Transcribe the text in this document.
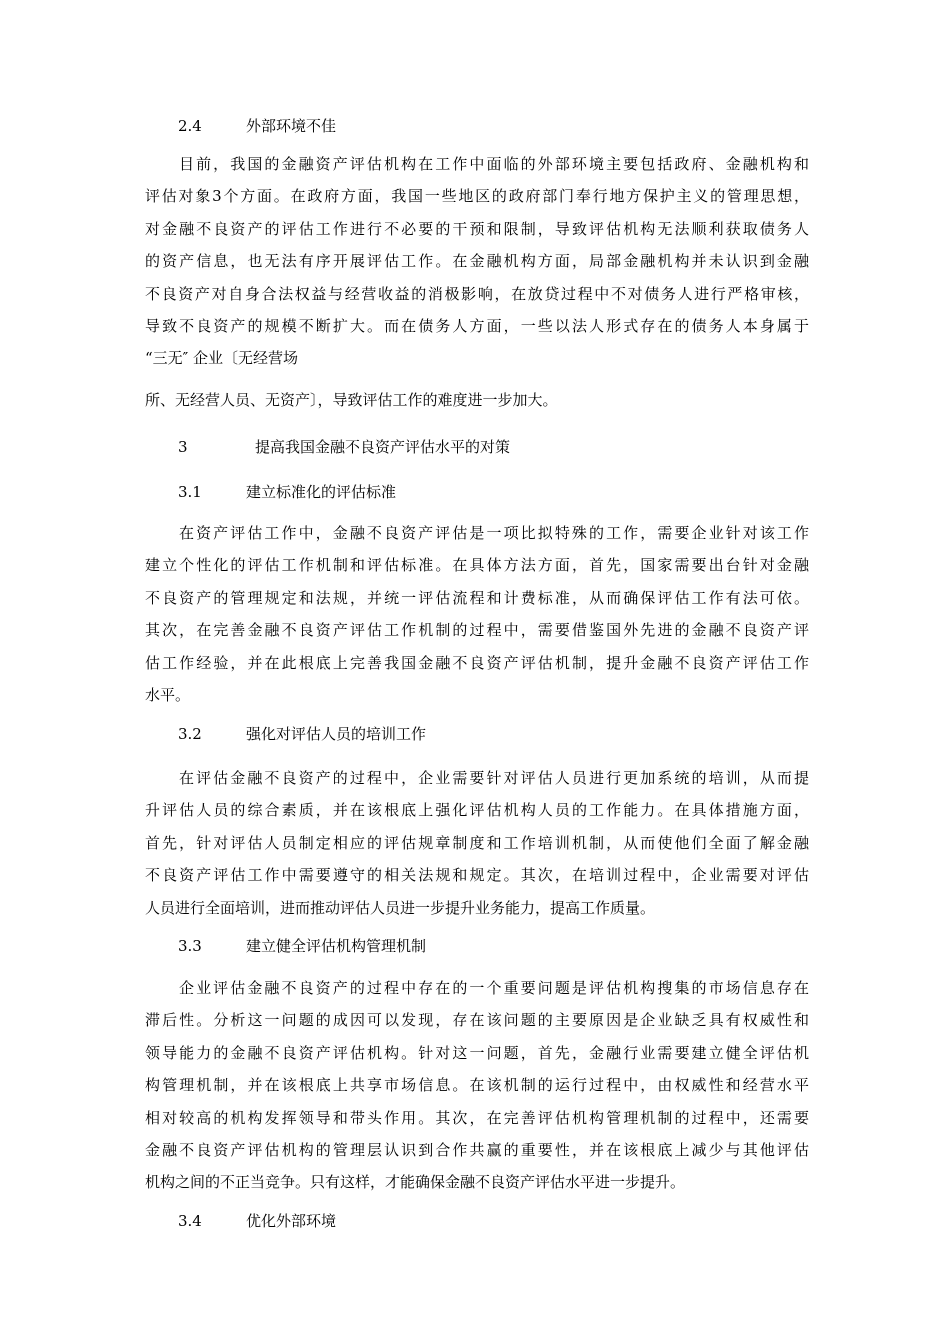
2.4	外部环境不佳
目前，我国的金融资产评估机构在工作中面临的外部环境主要包括政府、金融机构和
评估对象3个方面。在政府方面，我国一些地区的政府部门奉行地方保护主义的管理思想，
对金融不良资产的评估工作进行不必要的干预和限制，导致评估机构无法顺利获取债务人
的资产信息，也无法有序开展评估工作。在金融机构方面，局部金融机构并未认识到金融
不良资产对自身合法权益与经营收益的消极影响，在放贷过程中不对债务人进行严格审核，
导致不良资产的规模不断扩大。而在债务人方面，一些以法人形式存在的债务人本身属于
“三无″ 企业〔无经营场
所、无经营人员、无资产〕，导致评估工作的难度进一步加大。
3	提高我国金融不良资产评估水平的对策
3.1	建立标准化的评估标准
在资产评估工作中，金融不良资产评估是一项比拟特殊的工作，需要企业针对该工作
建立个性化的评估工作机制和评估标准。在具体方法方面，首先，国家需要出台针对金融
不良资产的管理规定和法规，并统一评估流程和计费标准，从而确保评估工作有法可依。
其次，在完善金融不良资产评估工作机制的过程中，需要借鉴国外先进的金融不良资产评
估工作经验，并在此根底上完善我国金融不良资产评估机制，提升金融不良资产评估工作
水平。
3.2	强化对评估人员的培训工作
在评估金融不良资产的过程中，企业需要针对评估人员进行更加系统的培训，从而提
升评估人员的综合素质，并在该根底上强化评估机构人员的工作能力。在具体措施方面，
首先，针对评估人员制定相应的评估规章制度和工作培训机制，从而使他们全面了解金融
不良资产评估工作中需要遵守的相关法规和规定。其次，在培训过程中，企业需要对评估
人员进行全面培训，进而推动评估人员进一步提升业务能力，提高工作质量。
3.3	建立健全评估机构管理机制
企业评估金融不良资产的过程中存在的一个重要问题是评估机构搜集的市场信息存在
滞后性。分析这一问题的成因可以发现，存在该问题的主要原因是企业缺乏具有权威性和
领导能力的金融不良资产评估机构。针对这一问题，首先，金融行业需要建立健全评估机
构管理机制，并在该根底上共享市场信息。在该机制的运行过程中，由权威性和经营水平
相对较高的机构发挥领导和带头作用。其次，在完善评估机构管理机制的过程中，还需要
金融不良资产评估机构的管理层认识到合作共赢的重要性，并在该根底上减少与其他评估
机构之间的不正当竞争。只有这样，才能确保金融不良资产评估水平进一步提升。
3.4	优化外部环境
